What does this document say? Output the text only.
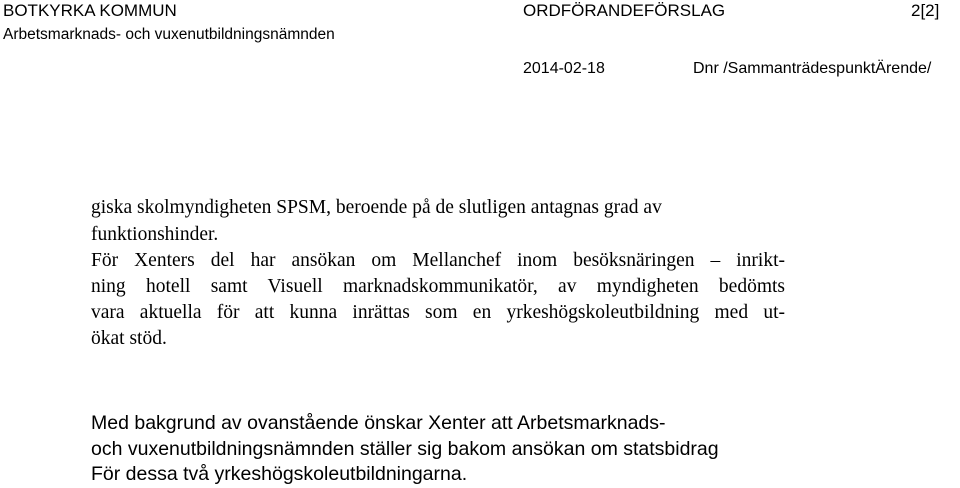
BOTKYRKA KOMMUN
Arbetsmarknads- och vuxenutbildningsnämnden
ORDFÖRANDEFÖRSLAG	2[2]
2014-02-18	Dnr /SammanträdespunktÄrende/
giska skolmyndigheten SPSM, beroende på de slutligen antagnas grad av
funktionshinder.
För Xenters del har ansökan om Mellanchef inom besöksnäringen – inrikt-
ning hotell samt Visuell marknadskommunikatör, av myndigheten bedömts
vara aktuella för att kunna inrättas som en yrkeshögskoleutbildning med ut-
ökat stöd.
Med bakgrund av ovanstående önskar Xenter att Arbetsmarknads-
och vuxenutbildningsnämnden ställer sig bakom ansökan om statsbidrag
För dessa två yrkeshögskoleutbildningarna.
